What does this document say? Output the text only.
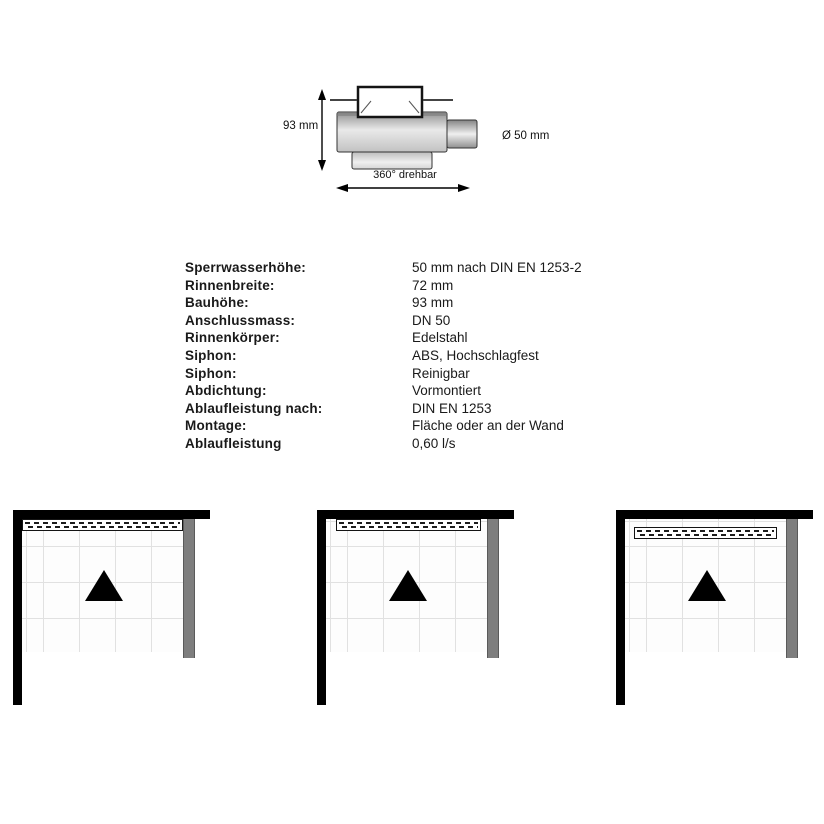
93 mm
Ø 50 mm
360° drehbar
Sperrwasserhöhe:	50 mm nach DIN EN 1253-2
Rinnenbreite:	72 mm
Bauhöhe:	93 mm
Anschlussmass:	DN 50
Rinnenkörper:	Edelstahl
Siphon:	ABS, Hochschlagfest
Siphon:	Reinigbar
Abdichtung:	Vormontiert
Ablaufleistung nach:	DIN EN 1253
Montage:	Fläche oder an der Wand
Ablaufleistung	0,60 l/s
